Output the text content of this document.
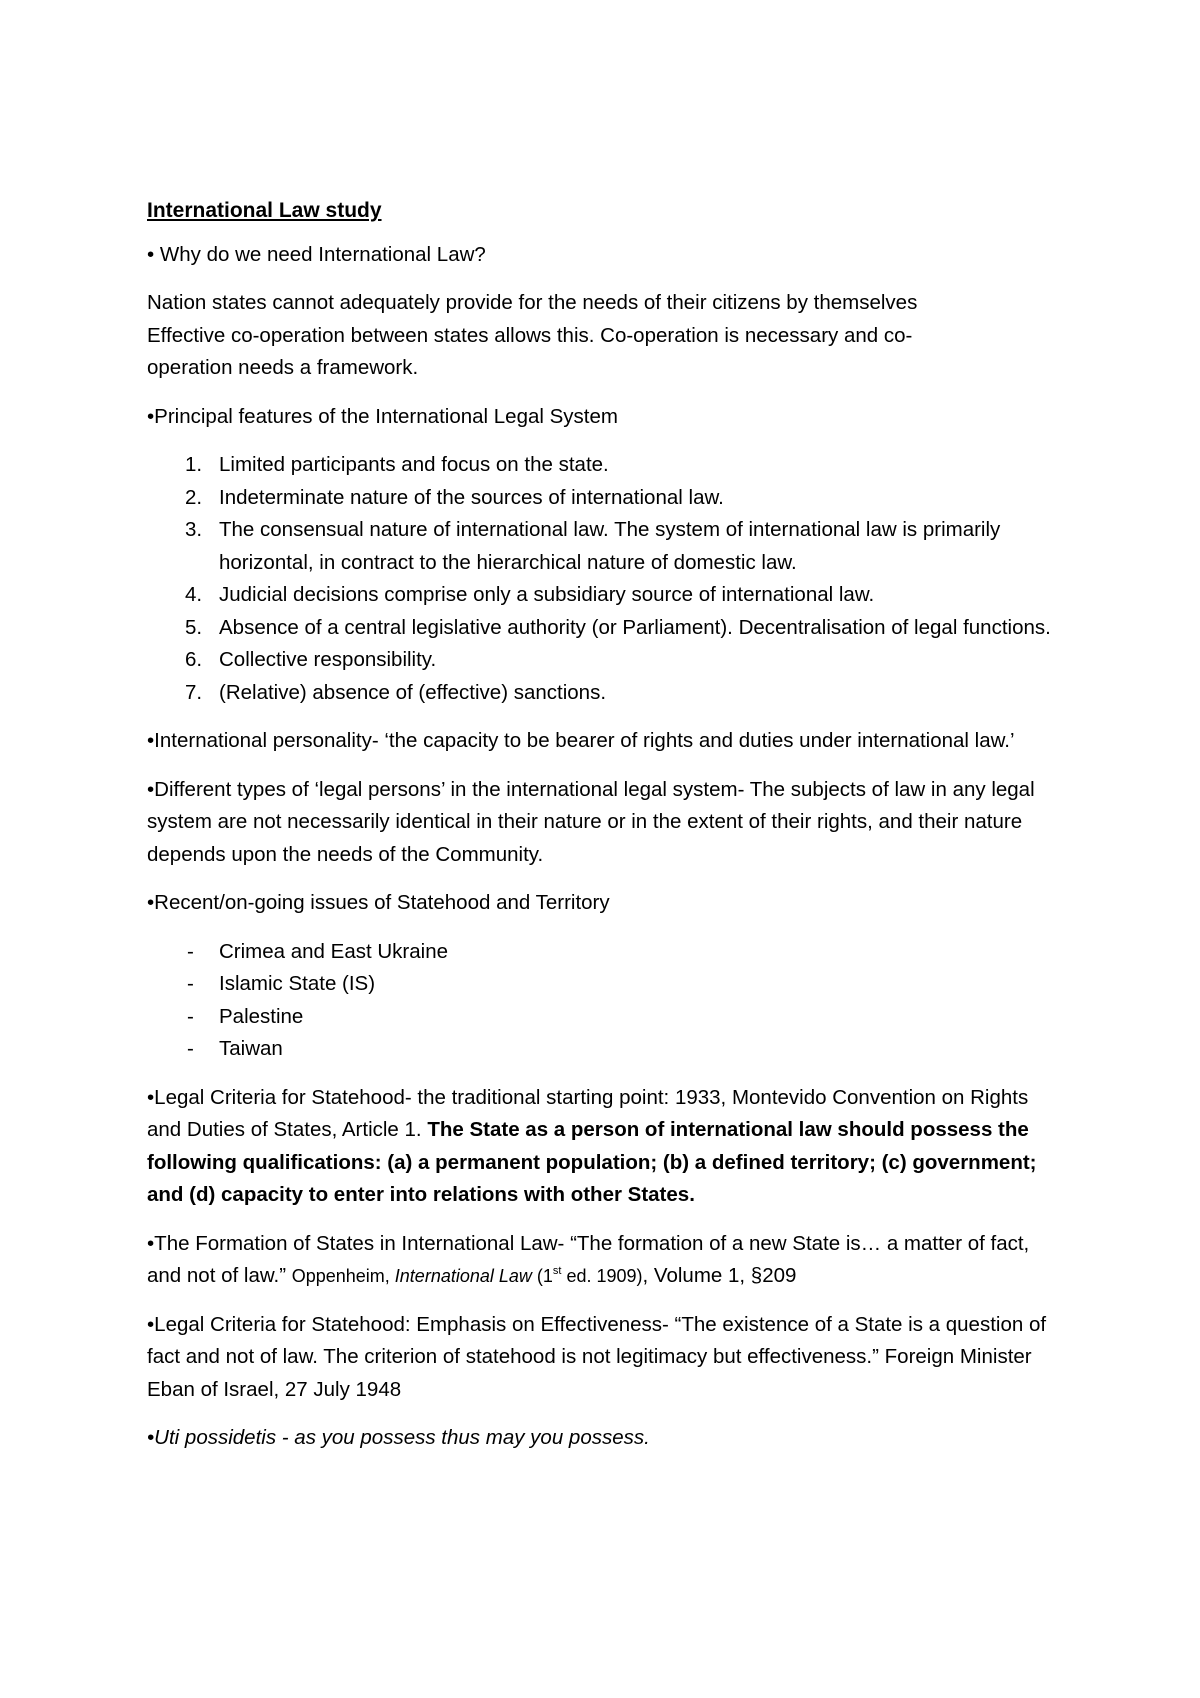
International Law study

• Why do we need International Law?

Nation states cannot adequately provide for the needs of their citizens by themselves
Effective co-operation between states allows this. Co-operation is necessary and co-
operation needs a framework.

•Principal features of the International Legal System

1. Limited participants and focus on the state.
2. Indeterminate nature of the sources of international law.
3. The consensual nature of international law. The system of international law is primarily horizontal, in contract to the hierarchical nature of domestic law.
4. Judicial decisions comprise only a subsidiary source of international law.
5. Absence of a central legislative authority (or Parliament). Decentralisation of legal functions.
6. Collective responsibility.
7. (Relative) absence of (effective) sanctions.

•International personality- ‘the capacity to be bearer of rights and duties under international law.’

•Different types of ‘legal persons’ in the international legal system- The subjects of law in any legal system are not necessarily identical in their nature or in the extent of their rights, and their nature depends upon the needs of the Community.

•Recent/on-going issues of Statehood and Territory

- Crimea and East Ukraine
- Islamic State (IS)
- Palestine
- Taiwan

•Legal Criteria for Statehood- the traditional starting point: 1933, Montevido Convention on Rights and Duties of States, Article 1. The State as a person of international law should possess the following qualifications: (a) a permanent population; (b) a defined territory; (c) government; and (d) capacity to enter into relations with other States.

•The Formation of States in International Law- “The formation of a new State is… a matter of fact, and not of law.” Oppenheim, International Law (1st ed. 1909), Volume 1, §209

•Legal Criteria for Statehood: Emphasis on Effectiveness- “The existence of a State is a question of fact and not of law. The criterion of statehood is not legitimacy but effectiveness.” Foreign Minister Eban of Israel, 27 July 1948

•Uti possidetis - as you possess thus may you possess.
